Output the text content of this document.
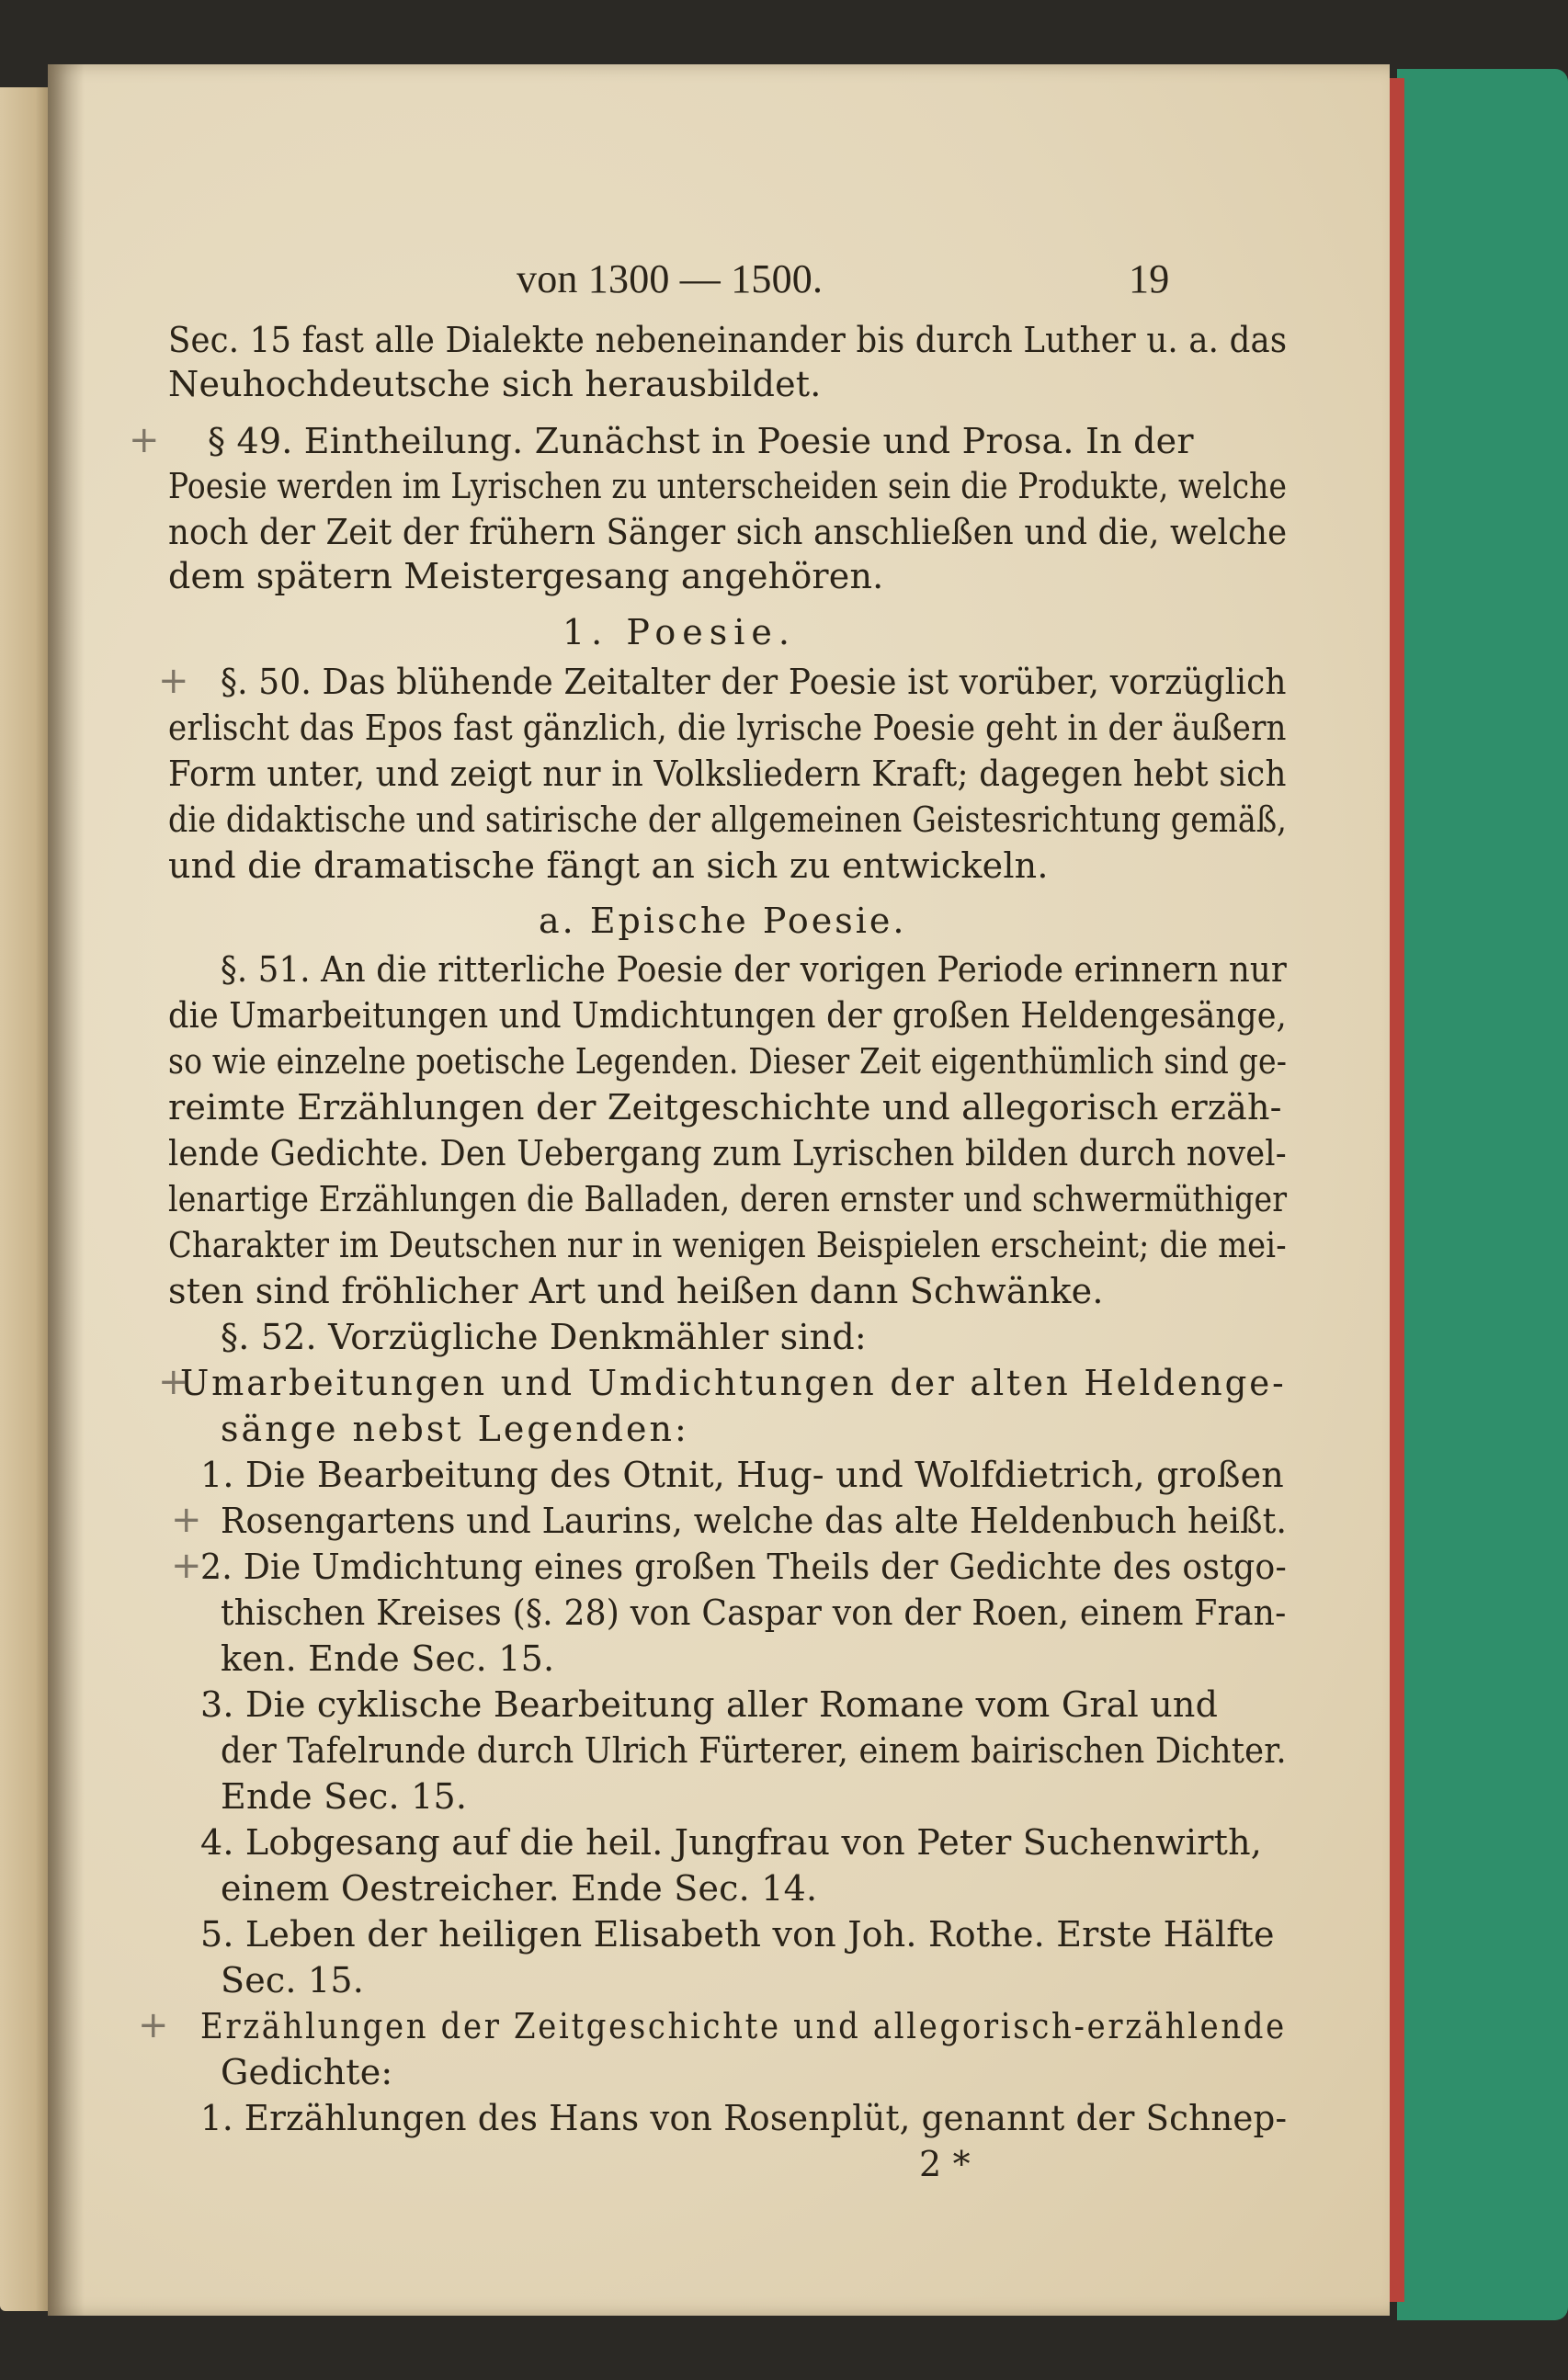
von 1300 — 1500.	19
Sec. 15 fast alle Dialekte nebeneinander bis durch Luther u. a. das
Neuhochdeutsche sich herausbildet.
§ 49. Eintheilung. Zunächst in Poesie und Prosa. In der
Poesie werden im Lyrischen zu unterscheiden sein die Produkte, welche
noch der Zeit der frühern Sänger sich anschließen und die, welche
dem spätern Meistergesang angehören.
1. Poesie.
§. 50. Das blühende Zeitalter der Poesie ist vorüber, vorzüglich
erlischt das Epos fast gänzlich, die lyrische Poesie geht in der äußern
Form unter, und zeigt nur in Volksliedern Kraft; dagegen hebt sich
die didaktische und satirische der allgemeinen Geistesrichtung gemäß,
und die dramatische fängt an sich zu entwickeln.
a. Epische Poesie.
§. 51. An die ritterliche Poesie der vorigen Periode erinnern nur
die Umarbeitungen und Umdichtungen der großen Heldengesänge,
so wie einzelne poetische Legenden. Dieser Zeit eigenthümlich sind ge-
reimte Erzählungen der Zeitgeschichte und allegorisch erzäh-
lende Gedichte. Den Uebergang zum Lyrischen bilden durch novel-
lenartige Erzählungen die Balladen, deren ernster und schwermüthiger
Charakter im Deutschen nur in wenigen Beispielen erscheint; die mei-
sten sind fröhlicher Art und heißen dann Schwänke.
§. 52. Vorzügliche Denkmähler sind:
Umarbeitungen und Umdichtungen der alten Heldenge-
sänge nebst Legenden:
1. Die Bearbeitung des Otnit, Hug- und Wolfdietrich, großen
Rosengartens und Laurins, welche das alte Heldenbuch heißt.
2. Die Umdichtung eines großen Theils der Gedichte des ostgo-
thischen Kreises (§. 28) von Caspar von der Roen, einem Fran-
ken. Ende Sec. 15.
3. Die cyklische Bearbeitung aller Romane vom Gral und
der Tafelrunde durch Ulrich Fürterer, einem bairischen Dichter.
Ende Sec. 15.
4. Lobgesang auf die heil. Jungfrau von Peter Suchenwirth,
einem Oestreicher. Ende Sec. 14.
5. Leben der heiligen Elisabeth von Joh. Rothe. Erste Hälfte
Sec. 15.
Erzählungen der Zeitgeschichte und allegorisch-erzählende
Gedichte:
1. Erzählungen des Hans von Rosenplüt, genannt der Schnep-
2 *
+
+
+
+
+
+
